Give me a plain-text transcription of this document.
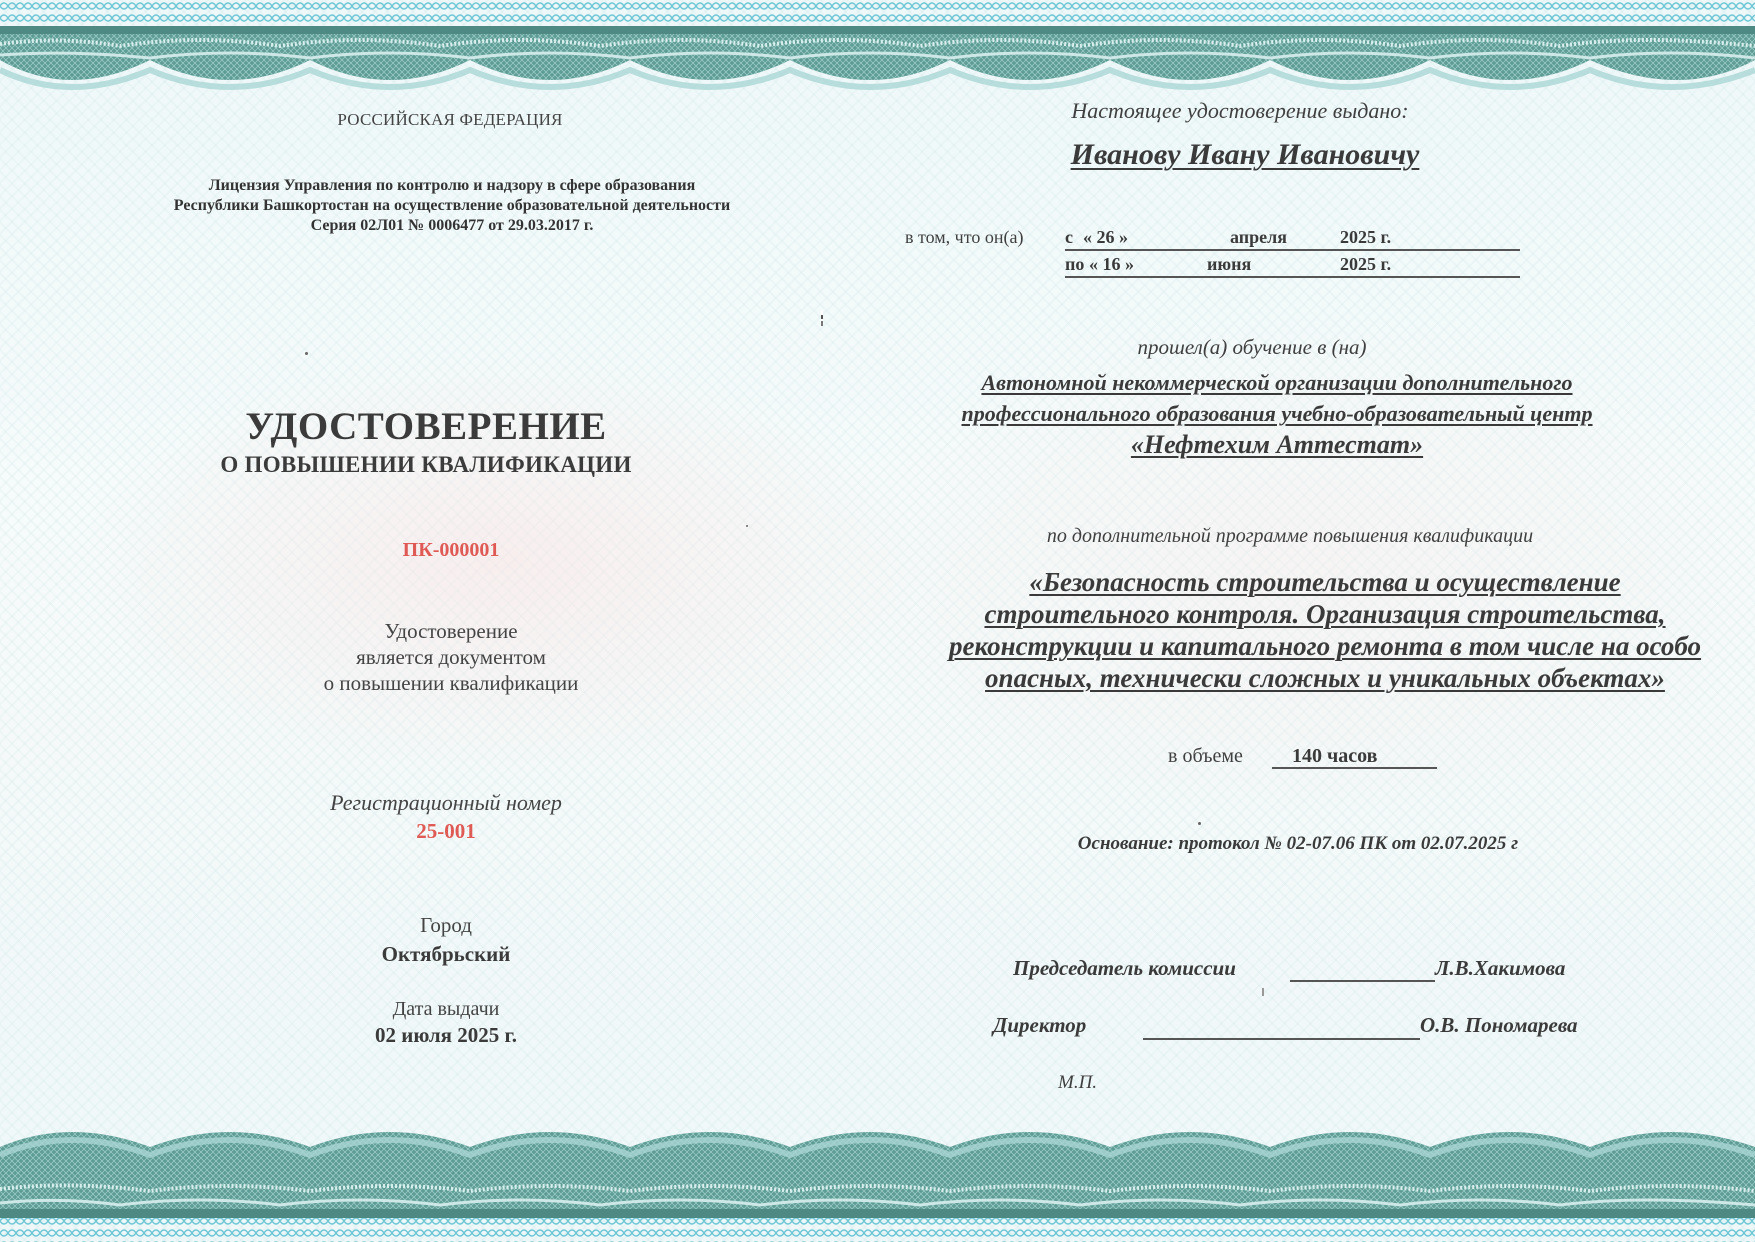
РОССИЙСКАЯ ФЕДЕРАЦИЯ
Лицензия Управления по контролю и надзору в сфере образования
Республики Башкортостан на осуществление образовательной деятельности
Серия 02Л01 № 0006477 от 29.03.2017 г.
УДОСТОВЕРЕНИЕ
О ПОВЫШЕНИИ КВАЛИФИКАЦИИ
ПК-000001
Удостоверение
является документом
о повышении квалификации
Регистрационный номер
25-001
Город
Октябрьский
Дата выдачи
02 июля 2025 г.
Настоящее удостоверение выдано:
Иванову Ивану Ивановичу
в том, что он(а) с « 26 »	апреля	2025 г.
по « 16 »	июня	2025 г.
прошел(а) обучение в (на)
Автономной некоммерческой организации дополнительного
профессионального образования учебно-образовательный центр
«Нефтехим Аттестат»
по дополнительной программе повышения квалификации
«Безопасность строительства и осуществление
строительного контроля. Организация строительства,
реконструкции и капитального ремонта в том числе на особо
опасных, технически сложных и уникальных объектах»
в объеме	140 часов
Основание: протокол № 02-07.06 ПК от 02.07.2025 г
Председатель комиссии	Л.В.Хакимова
Директор	О.В. Пономарева
М.П.
